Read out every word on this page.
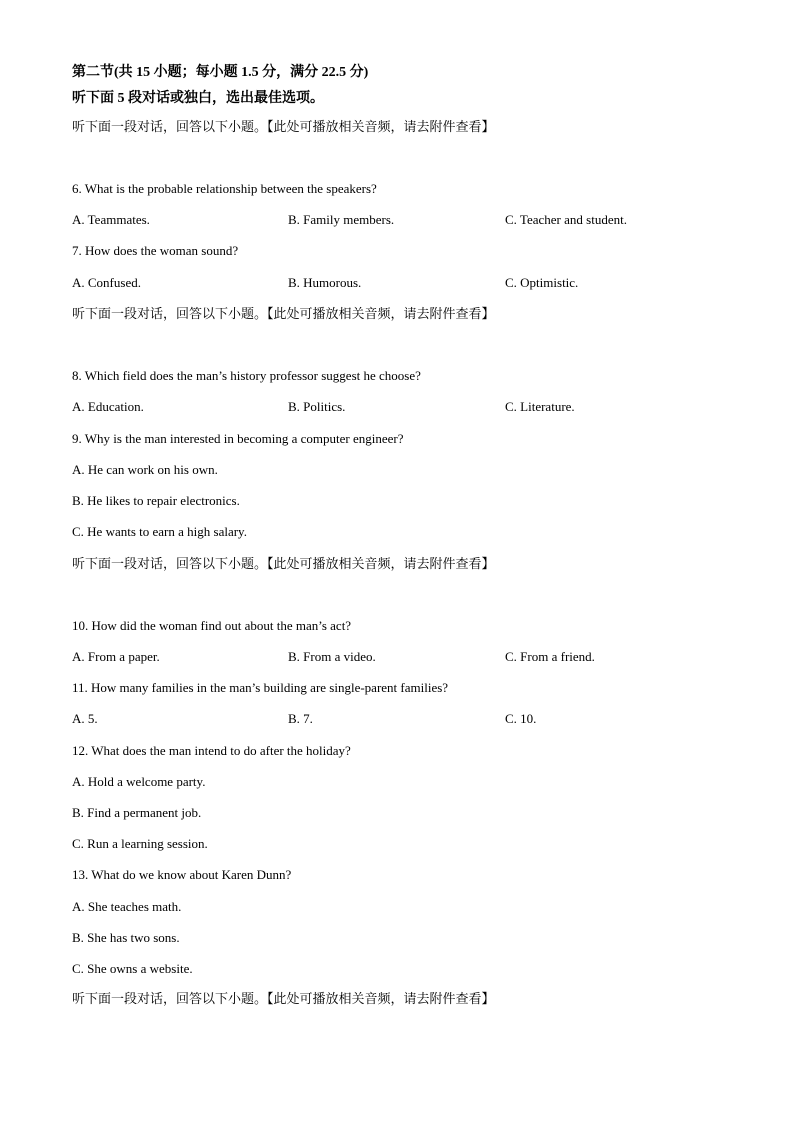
第二节(共 15 小题；每小题 1.5 分，满分 22.5 分)
听下面 5 段对话或独白，选出最佳选项。
听下面一段对话，回答以下小题。【此处可播放相关音频，请去附件查看】
6. What is the probable relationship between the speakers?
A. Teammates.	B. Family members.	C. Teacher and student.
7. How does the woman sound?
A. Confused.	B. Humorous.	C. Optimistic.
听下面一段对话，回答以下小题。【此处可播放相关音频，请去附件查看】
8. Which field does the man’s history professor suggest he choose?
A. Education.	B. Politics.	C. Literature.
9. Why is the man interested in becoming a computer engineer?
A. He can work on his own.
B. He likes to repair electronics.
C. He wants to earn a high salary.
听下面一段对话，回答以下小题。【此处可播放相关音频，请去附件查看】
10. How did the woman find out about the man’s act?
A. From a paper.	B. From a video.	C. From a friend.
11. How many families in the man’s building are single-parent families?
A. 5.	B. 7.	C. 10.
12. What does the man intend to do after the holiday?
A. Hold a welcome party.
B. Find a permanent job.
C. Run a learning session.
13. What do we know about Karen Dunn?
A. She teaches math.
B. She has two sons.
C. She owns a website.
听下面一段对话，回答以下小题。【此处可播放相关音频，请去附件查看】
